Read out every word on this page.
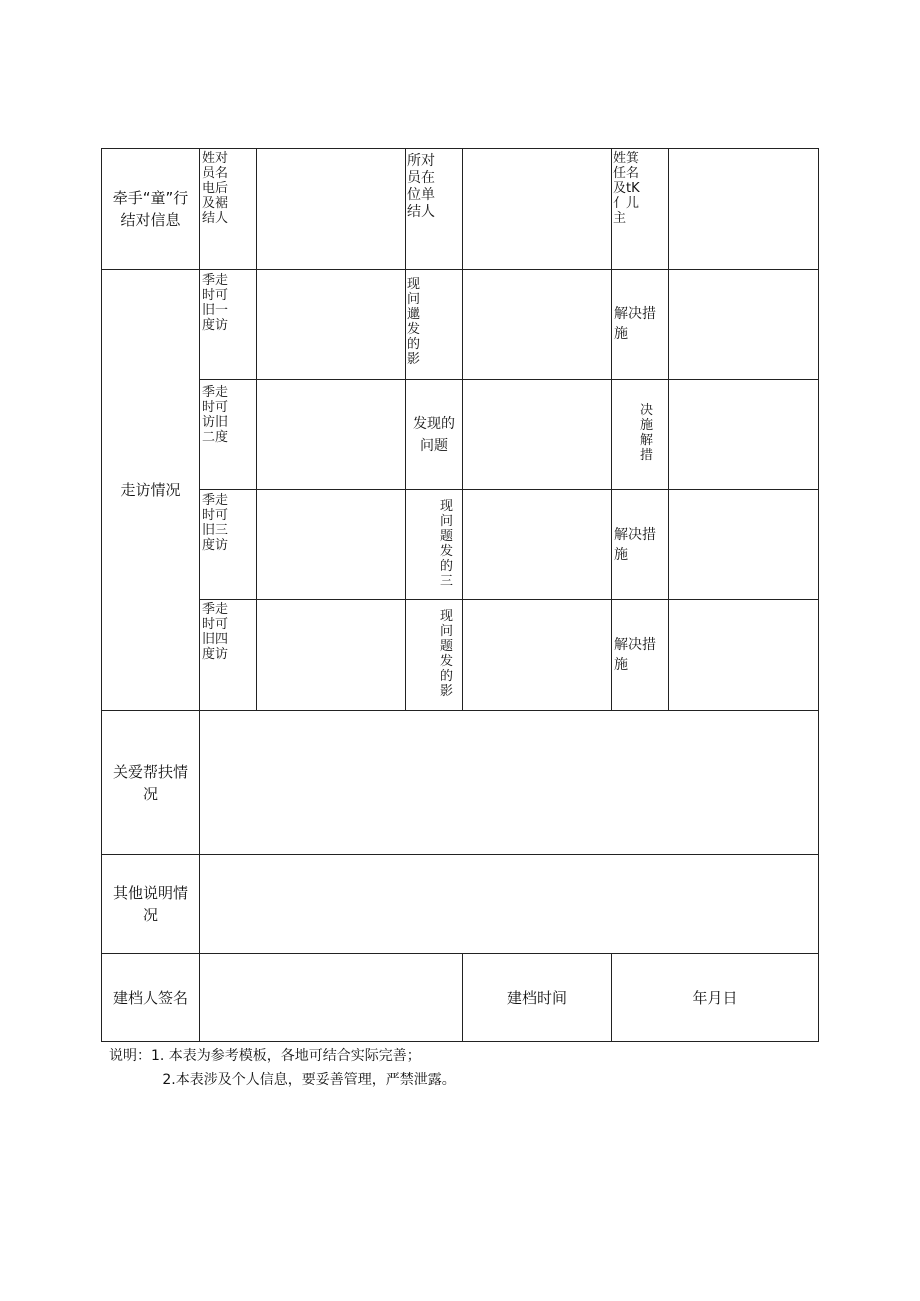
牵手“童”行结对信息
姓对员名电后及裾结人
所对员在位单结人
姓箕任名及tK亻儿主
走访情况
季走时可旧一度访
现问邋发的影
解决措施
季走时可访旧二度
发现的问题
决施解措
季走时可旧三度访
现问题发的三
解决措施
季走时可旧四度访
现问题发的影
解决措施
关爱帮扶情况
其他说明情况
建档人签名	建档时间	年月日
说明：1. 本表为参考模板，各地可结合实际完善；
2.本表涉及个人信息，要妥善管理，严禁泄露。
